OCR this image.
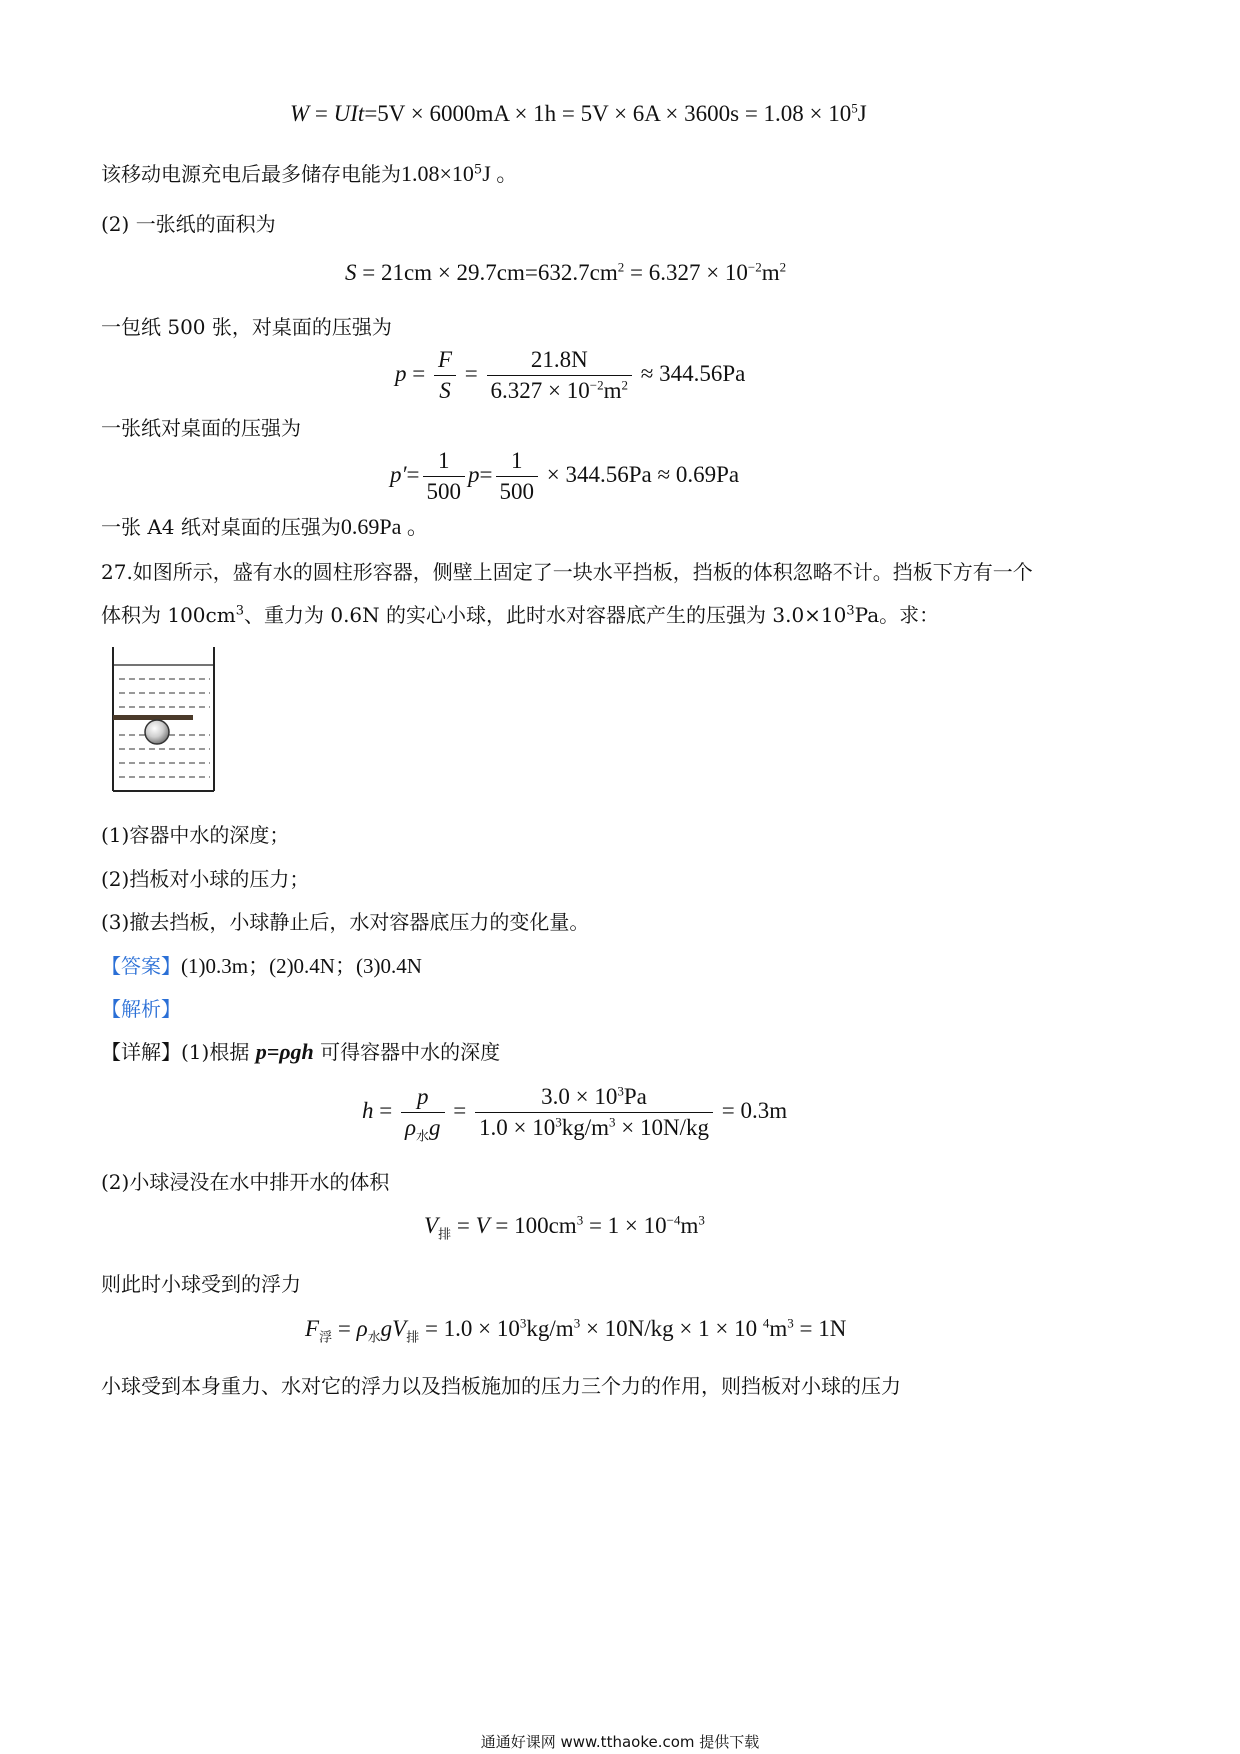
$W = UIt=5V \times 6000mA \times 1h = 5V \times 6A \times 3600s = 1.08 \times 10^5J$
该移动电源充电后最多储存电能为$1.08\times 10^5J$ 。
(2) 一张纸的面积为
$S = 21cm \times 29.7cm=632.7cm^2 = 6.327 \times 10^{-2}m^2$
一包纸 500 张，对桌面的压强为
$p = \frac{F}{S} = \frac{21.8N}{6.327 \times 10^{-2}m^2} \approx 344.56Pa$
一张纸对桌面的压强为
$p'= \frac{1}{500} p= \frac{1}{500} \times 344.56Pa \approx 0.69Pa$
一张 A4 纸对桌面的压强为0.69Pa 。
27.如图所示，盛有水的圆柱形容器，侧壁上固定了一块水平挡板，挡板的体积忽略不计。挡板下方有一个
体积为 $100cm^3$、重力为 0.6N 的实心小球，此时水对容器底产生的压强为 $3.0\times 10^3Pa$。求：
(1)容器中水的深度；
(2)挡板对小球的压力；
(3)撤去挡板，小球静止后，水对容器底压力的变化量。
【答案】(1)0.3m；(2)0.4N；(3)0.4N
【解析】
【详解】(1)根据 p=ρgh 可得容器中水的深度
$h = \frac{p}{\rho_水g} = \frac{3.0 \times 10^3Pa}{1.0 \times 10^3kg/m^3 \times 10N/kg} = 0.3m$
(2)小球浸没在水中排开水的体积
$V_排 = V = 100cm^3 = 1 \times 10^{-4}m^3$
则此时小球受到的浮力
$F_浮 = \rho_水gV_排 = 1.0 \times 10^3kg/m^3 \times 10N/kg \times 1 \times 10$ $^4m^3 = 1N$
小球受到本身重力、水对它的浮力以及挡板施加的压力三个力的作用，则挡板对小球的压力
通通好课网 www.tthaoke.com 提供下载
